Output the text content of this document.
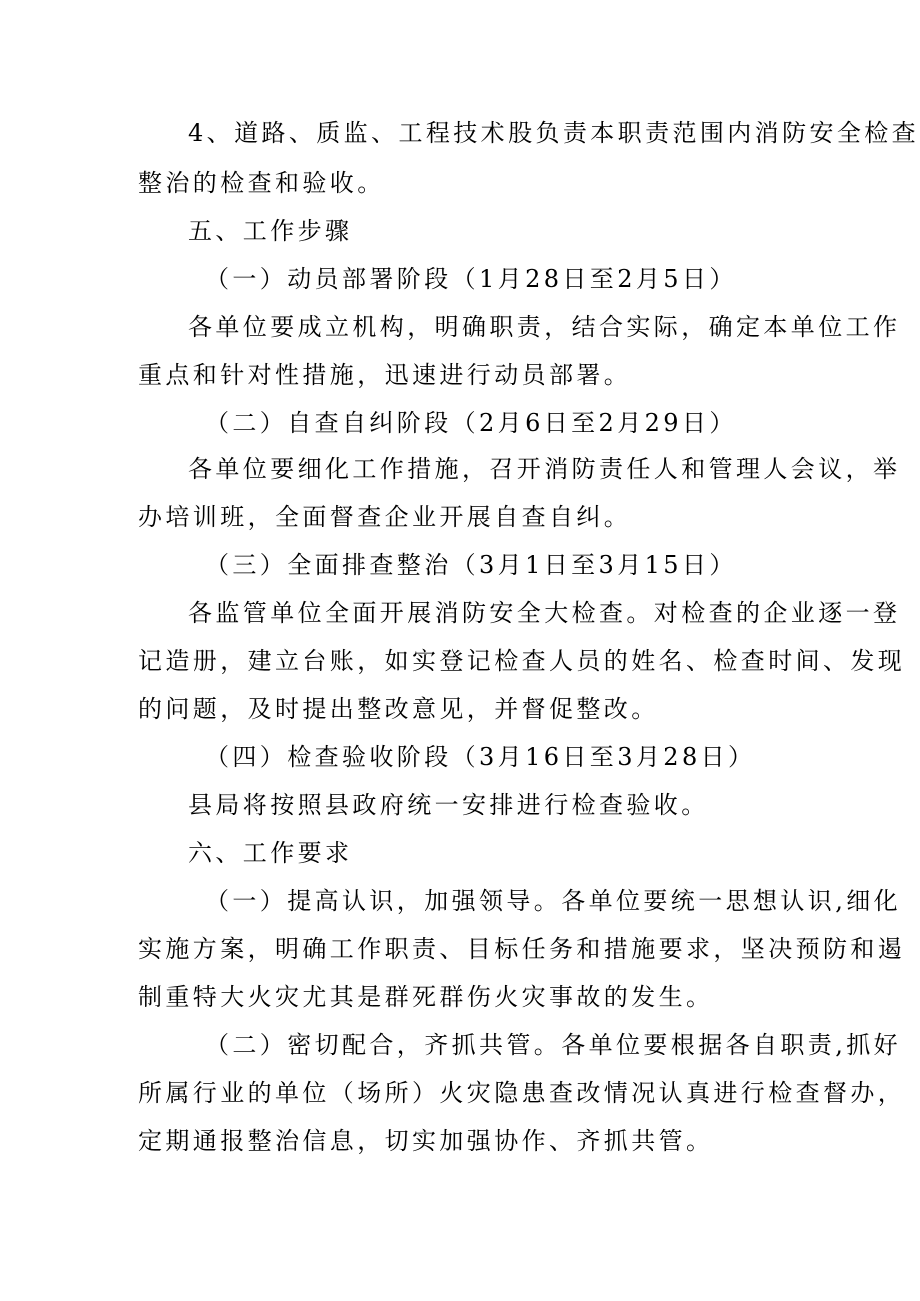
4、道路、质监、工程技术股负责本职责范围内消防安全检查
整治的检查和验收。
五、工作步骤
（一）动员部署阶段（1月28日至2月5日）
各单位要成立机构，明确职责，结合实际，确定本单位工作
重点和针对性措施，迅速进行动员部署。
（二）自查自纠阶段（2月6日至2月29日）
各单位要细化工作措施，召开消防责任人和管理人会议，举
办培训班，全面督查企业开展自查自纠。
（三）全面排查整治（3月1日至3月15日）
各监管单位全面开展消防安全大检查。对检查的企业逐一登
记造册，建立台账，如实登记检查人员的姓名、检查时间、发现
的问题，及时提出整改意见，并督促整改。
（四）检查验收阶段（3月16日至3月28日）
县局将按照县政府统一安排进行检查验收。
六、工作要求
（一）提高认识，加强领导。各单位要统一思想认识,细化
实施方案，明确工作职责、目标任务和措施要求，坚决预防和遏
制重特大火灾尤其是群死群伤火灾事故的发生。
（二）密切配合，齐抓共管。各单位要根据各自职责,抓好
所属行业的单位（场所）火灾隐患查改情况认真进行检查督办，
定期通报整治信息，切实加强协作、齐抓共管。
